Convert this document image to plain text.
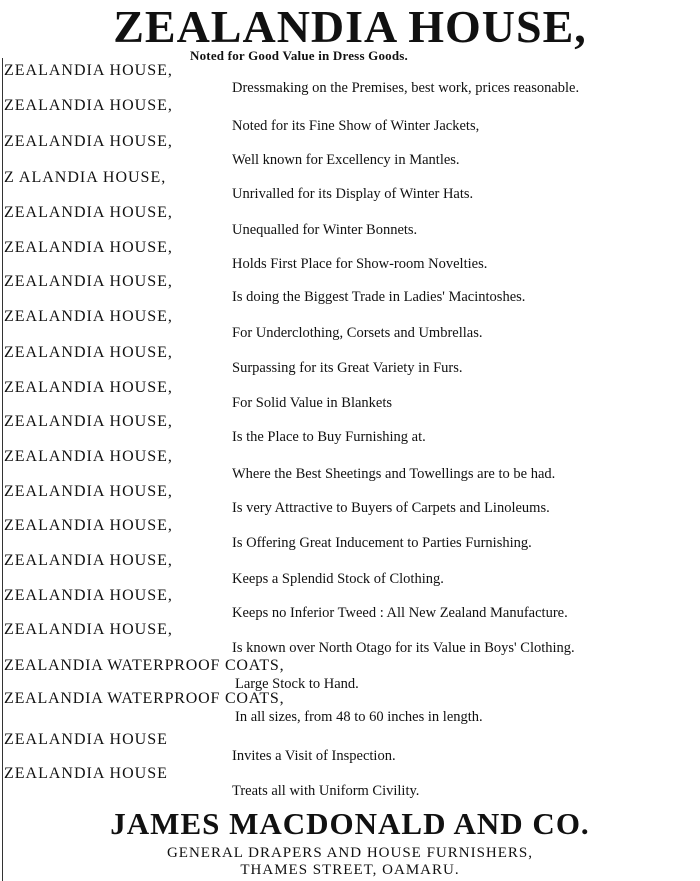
ZEALANDIA HOUSE,
Noted for Good Value in Dress Goods.
ZEALANDIA HOUSE,
Dressmaking on the Premises, best work, prices reasonable.
ZEALANDIA HOUSE,
Noted for its Fine Show of Winter Jackets,
ZEALANDIA HOUSE,
Well known for Excellency in Mantles.
Z ALANDIA HOUSE,
Unrivalled for its Display of Winter Hats.
ZEALANDIA HOUSE,
Unequalled for Winter Bonnets.
ZEALANDIA HOUSE,
Holds First Place for Show-room Novelties.
ZEALANDIA HOUSE,
Is doing the Biggest Trade in Ladies' Macintoshes.
ZEALANDIA HOUSE,
For Underclothing, Corsets and Umbrellas.
ZEALANDIA HOUSE,
Surpassing for its Great Variety in Furs.
ZEALANDIA HOUSE,
For Solid Value in Blankets
ZEALANDIA HOUSE,
Is the Place to Buy Furnishing at.
ZEALANDIA HOUSE,
Where the Best Sheetings and Towellings are to be had.
ZEALANDIA HOUSE,
Is very Attractive to Buyers of Carpets and Linoleums.
ZEALANDIA HOUSE,
Is Offering Great Inducement to Parties Furnishing.
ZEALANDIA HOUSE,
Keeps a Splendid Stock of Clothing.
ZEALANDIA HOUSE,
Keeps no Inferior Tweed : All New Zealand Manufacture.
ZEALANDIA HOUSE,
Is known over North Otago for its Value in Boys' Clothing.
ZEALANDIA WATERPROOF COATS,
Large Stock to Hand.
ZEALANDIA WATERPROOF COATS,
In all sizes, from 48 to 60 inches in length.
ZEALANDIA HOUSE
Invites a Visit of Inspection.
ZEALANDIA HOUSE
Treats all with Uniform Civility.
JAMES MACDONALD AND CO.
GENERAL DRAPERS AND HOUSE FURNISHERS,
THAMES STREET, OAMARU.
